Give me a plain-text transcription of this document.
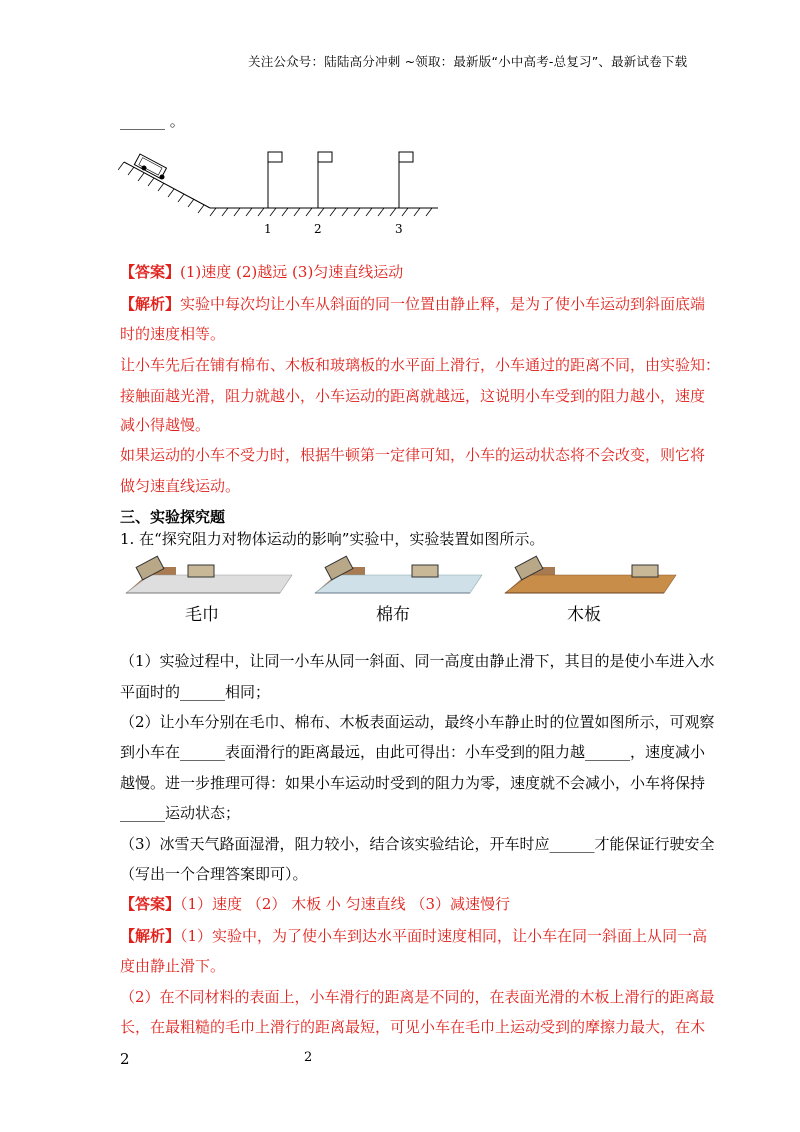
关注公众号：陆陆高分冲刺 ~领取：最新版“小中高考-总复习”、最新试卷下载
______ 。
1	2	3
【答案】(1)速度 (2)越远 (3)匀速直线运动
【解析】实验中每次均让小车从斜面的同一位置由静止释，是为了使小车运动到斜面底端
时的速度相等。
让小车先后在铺有棉布、木板和玻璃板的水平面上滑行，小车通过的距离不同，由实验知：
接触面越光滑，阻力就越小，小车运动的距离就越远，这说明小车受到的阻力越小，速度
减小得越慢。
如果运动的小车不受力时，根据牛顿第一定律可知，小车的运动状态将不会改变，则它将
做匀速直线运动。
三、实验探究题
1. 在“探究阻力对物体运动的影响”实验中，实验装置如图所示。
毛巾	棉布	木板
（1）实验过程中，让同一小车从同一斜面、同一高度由静止滑下，其目的是使小车进入水
平面时的______相同；
（2）让小车分别在毛巾、棉布、木板表面运动，最终小车静止时的位置如图所示，可观察
到小车在______表面滑行的距离最远，由此可得出：小车受到的阻力越______，速度减小
越慢。进一步推理可得：如果小车运动时受到的阻力为零，速度就不会减小，小车将保持
______运动状态；
（3）冰雪天气路面湿滑，阻力较小，结合该实验结论，开车时应______才能保证行驶安全
（写出一个合理答案即可）。
【答案】（1）速度 （2） 木板 小 匀速直线 （3）减速慢行
【解析】（1）实验中，为了使小车到达水平面时速度相同，让小车在同一斜面上从同一高
度由静止滑下。
（2）在不同材料的表面上，小车滑行的距离是不同的，在表面光滑的木板上滑行的距离最
长，在最粗糙的毛巾上滑行的距离最短，可见小车在毛巾上运动受到的摩擦力最大，在木
2	2
